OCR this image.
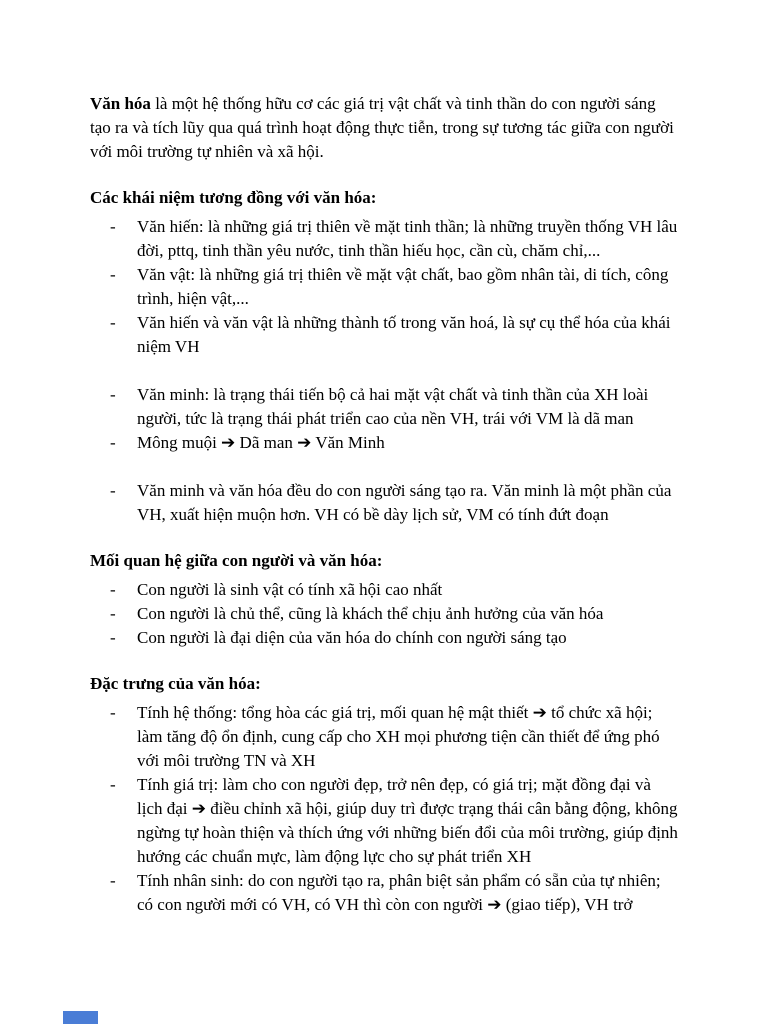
Văn hóa là một hệ thống hữu cơ các giá trị vật chất và tinh thần do con người sáng tạo ra và tích lũy qua quá trình hoạt động thực tiễn, trong sự tương tác giữa con người với môi trường tự nhiên và xã hội.

Các khái niệm tương đồng với văn hóa:
-	Văn hiến: là những giá trị thiên về mặt tinh thần; là những truyền thống VH lâu đời, pttq, tinh thần yêu nước, tinh thần hiếu học, cần cù, chăm chỉ,...
-	Văn vật: là những giá trị thiên về mặt vật chất, bao gồm nhân tài, di tích, công trình, hiện vật,...
-	Văn hiến và văn vật là những thành tố trong văn hoá, là sự cụ thể hóa của khái niệm VH
-	Văn minh: là trạng thái tiến bộ cả hai mặt vật chất và tinh thần của XH loài người, tức là trạng thái phát triển cao của nền VH, trái với VM là dã man
-	Mông muội ➔ Dã man ➔ Văn Minh
-	Văn minh và văn hóa đều do con người sáng tạo ra. Văn minh là một phần của VH, xuất hiện muộn hơn. VH có bề dày lịch sử, VM có tính đứt đoạn
Mối quan hệ giữa con người và văn hóa:
-	Con người là sinh vật có tính xã hội cao nhất
-	Con người là chủ thể, cũng là khách thể chịu ảnh hưởng của văn hóa
-	Con người là đại diện của văn hóa do chính con người sáng tạo
Đặc trưng của văn hóa:
-	Tính hệ thống: tổng hòa các giá trị, mối quan hệ mật thiết ➔ tổ chức xã hội; làm tăng độ ổn định, cung cấp cho XH mọi phương tiện cần thiết để ứng phó với môi trường TN và XH
-	Tính giá trị: làm cho con người đẹp, trở nên đẹp, có giá trị; mặt đồng đại và lịch đại ➔ điều chỉnh xã hội, giúp duy trì được trạng thái cân bằng động, không ngừng tự hoàn thiện và thích ứng với những biến đổi của môi trường, giúp định hướng các chuẩn mực, làm động lực cho sự phát triển XH
-	Tính nhân sinh: do con người tạo ra, phân biệt sản phẩm có sẵn của tự nhiên; có con người mới có VH, có VH thì còn con người ➔ (giao tiếp), VH trở
